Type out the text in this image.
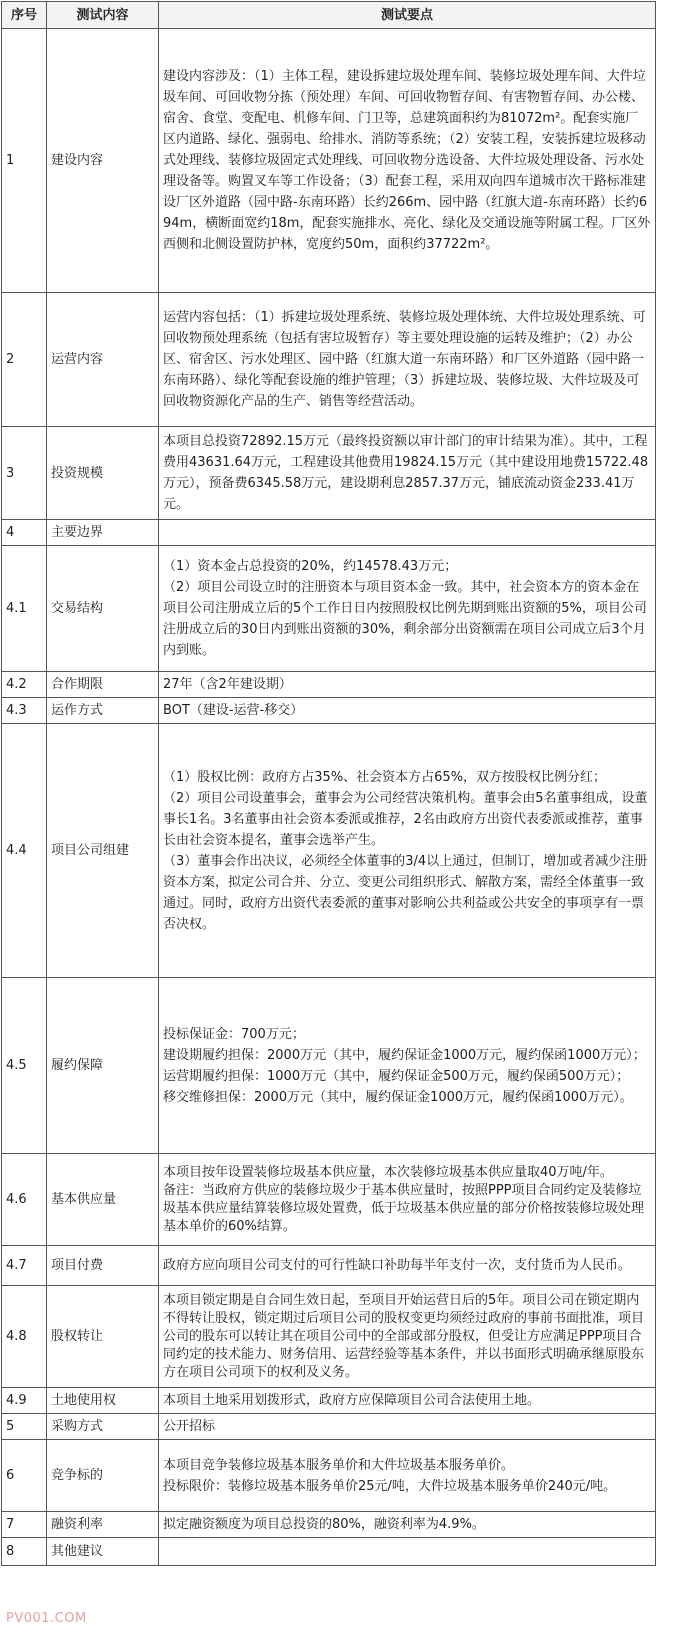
序号	测试内容	测试要点
1	建设内容	建设内容涉及：（1）主体工程，建设拆建垃圾处理车间、装修垃圾处理车间、大件垃圾车间、可回收物分拣（预处理）车间、可回收物暂存间、有害物暂存间、办公楼、宿舍、食堂、变配电、机修车间、门卫等，总建筑面积约为81072m²。配套实施厂区内道路、绿化、强弱电、给排水、消防等系统；（2）安装工程，安装拆建垃圾移动式处理线、装修垃圾固定式处理线、可回收物分选设备、大件垃圾处理设备、污水处理设备等。购置叉车等工作设备；（3）配套工程，采用双向四车道城市次干路标准建设厂区外道路（园中路-东南环路）长约266m、园中路（红旗大道-东南环路）长约694m，横断面宽约18m，配套实施排水、亮化、绿化及交通设施等附属工程。厂区外西侧和北侧设置防护林，宽度约50m，面积约37722m²。

2	运营内容	运营内容包括：（1）拆建垃圾处理系统、装修垃圾处理体统、大件垃圾处理系统、可回收物预处理系统（包括有害垃圾暂存）等主要处理设施的运转及维护；（2）办公区、宿舍区、污水处理区、园中路（红旗大道一东南环路）和厂区外道路（园中路一东南环路）、绿化等配套设施的维护管理；（3）拆建垃圾、装修垃圾、大件垃圾及可回收物资源化产品的生产、销售等经营活动。

3	投资规模	本项目总投资72892.15万元（最终投资额以审计部门的审计结果为准）。其中，工程费用43631.64万元，工程建设其他费用19824.15万元（其中建设用地费15722.48万元），预备费6345.58万元，建设期利息2857.37万元，铺底流动资金233.41万元。

4	主要边界	

4.1	交易结构	（1）资本金占总投资的20%，约14578.43万元；

（2）项目公司设立时的注册资本与项目资本金一致。其中，社会资本方的资本金在项目公司注册成立后的5个工作日日内按照股权比例先期到账出资额的5%，项目公司注册成立后的30日内到账出资额的30%，剩余部分出资额需在项目公司成立后3个月内到账。

4.2	合作期限	27年（含2年建设期）

4.3	运作方式	BOT（建设-运营-移交）

4.4	项目公司组建	（1）股权比例：政府方占35%、社会资本方占65%，双方按股权比例分红；

（2）项目公司设董事会，董事会为公司经营决策机构。董事会由5名董事组成，设董事长1名。3名董事由社会资本委派或推荐，2名由政府方出资代表委派或推荐，董事长由社会资本提名，董事会选举产生。

（3）董事会作出决议，必须经全体董事的3/4以上通过，但制订，增加或者减少注册资本方案，拟定公司合并、分立、变更公司组织形式、解散方案，需经全体董事一致通过。同时，政府方出资代表委派的董事对影响公共利益或公共安全的事项享有一票否决权。

4.5	履约保障	投标保证金：700万元；

建设期履约担保：2000万元（其中，履约保证金1000万元，履约保函1000万元）；

运营期履约担保：1000万元（其中，履约保证金500万元，履约保函500万元）；

移交维修担保：2000万元（其中，履约保证金1000万元，履约保函1000万元）。

4.6	基本供应量	本项目按年设置装修垃圾基本供应量，本次装修垃圾基本供应量取40万吨/年。

备注：当政府方供应的装修垃圾少于基本供应量时，按照PPP项目合同约定及装修垃圾基本供应量结算装修垃圾处置费，低于垃圾基本供应量的部分价格按装修垃圾处理基本单价的60%结算。

4.7	项目付费	政府方应向项目公司支付的可行性缺口补助每半年支付一次，支付货币为人民币。

4.8	股权转让	本项目锁定期是自合同生效日起，至项目开始运营日后的5年。项目公司在锁定期内不得转让股权，锁定期过后项目公司的股权变更均须经过政府的事前书面批准，项目公司的股东可以转让其在项目公司中的全部或部分股权，但受让方应满足PPP项目合同约定的技术能力、财务信用、运营经验等基本条件，并以书面形式明确承继原股东方在项目公司项下的权利及义务。

4.9	土地使用权	本项目土地采用划拨形式，政府方应保障项目公司合法使用土地。

5	采购方式	公开招标

6	竞争标的	本项目竞争装修垃圾基本服务单价和大件垃圾基本服务单价。

投标限价：装修垃圾基本服务单价25元/吨，大件垃圾基本服务单价240元/吨。

7	融资利率	拟定融资额度为项目总投资的80%，融资利率为4.9%。

8	其他建议	

PV001.COM
